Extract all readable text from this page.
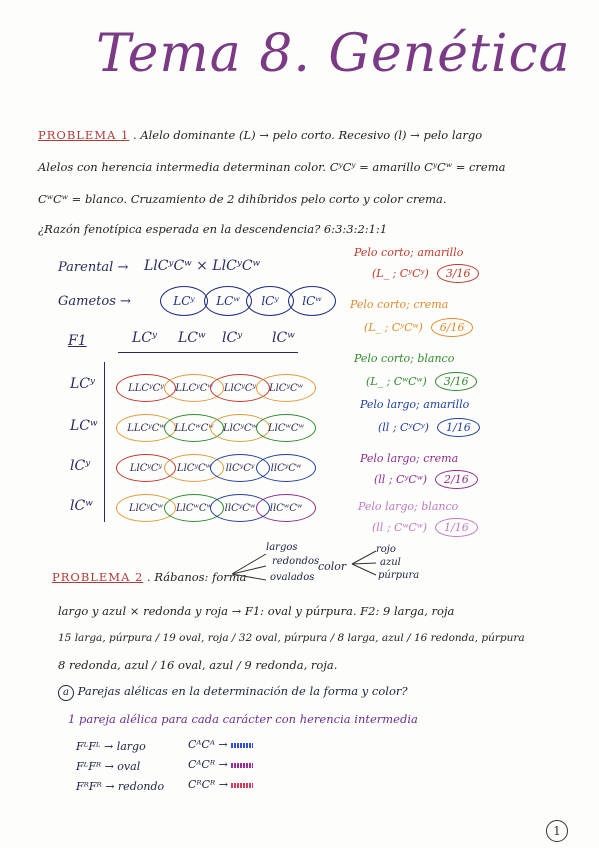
Tema 8. Genética
PROBLEMA 1 . Alelo dominante (L) → pelo corto. Recesivo (l) → pelo largo
Alelos con herencia intermedia determinan color. CʸCʸ = amarillo CʸCʷ = crema
CʷCʷ = blanco. Cruzamiento de 2 dihíbridos pelo corto y color crema.
¿Razón fenotípica esperada en la descendencia? 6:3:3:2:1:1
Parental → LlCʸCʷ × LlCʸCʷ
Gametos →	LCʸ	LCʷ	lCʸ	lCʷ
F1	LCʸ LCʷ lCʸ lCʷ
LCʸ
LCʷ
lCʸ
lCʷ
LLCʸCʸ	LLCʸCʷ	LlCʸCʸ	LlCʸCʷ
LLCʸCʷ LLCʷCʷ LlCʸCʷ	LlCʷCʷ
LlCʸCʸ	LlCʸCʷ	llCʸCʸ	llCʸCʷ
LlCʸCʷ	LlCʷCʷ	llCʸCʷ	llCʷCʷ
Pelo corto; amarillo
(L_ ; CʸCʸ) 3/16
Pelo corto; crema
(L_ ; CʸCʷ) 6/16
Pelo corto; blanco
(L_ ; CʷCʷ) 3/16
Pelo largo; amarillo
(ll ; CʸCʸ) 1/16
Pelo largo; crema
(ll ; CʸCʷ) 2/16
Pelo largo; blanco
(ll ; CʷCʷ) 1/16
PROBLEMA 2 . Rábanos: forma
largos
redondos
ovalados
color
rojo
azul
púrpura
largo y azul × redonda y roja → F1: oval y púrpura. F2: 9 larga, roja
15 larga, púrpura / 19 oval, roja / 32 oval, púrpura / 8 larga, azul / 16 redonda, púrpura
8 redonda, azul / 16 oval, azul / 9 redonda, roja.
a Parejas alélicas en la determinación de la forma y color?
1 pareja alélica para cada carácter con herencia intermedia
FᴸFᴸ → largo
FᴸFᴿ → oval
FᴿFᴿ → redondo
CᴬCᴬ →
CᴬCᴿ →
CᴿCᴿ →
1
